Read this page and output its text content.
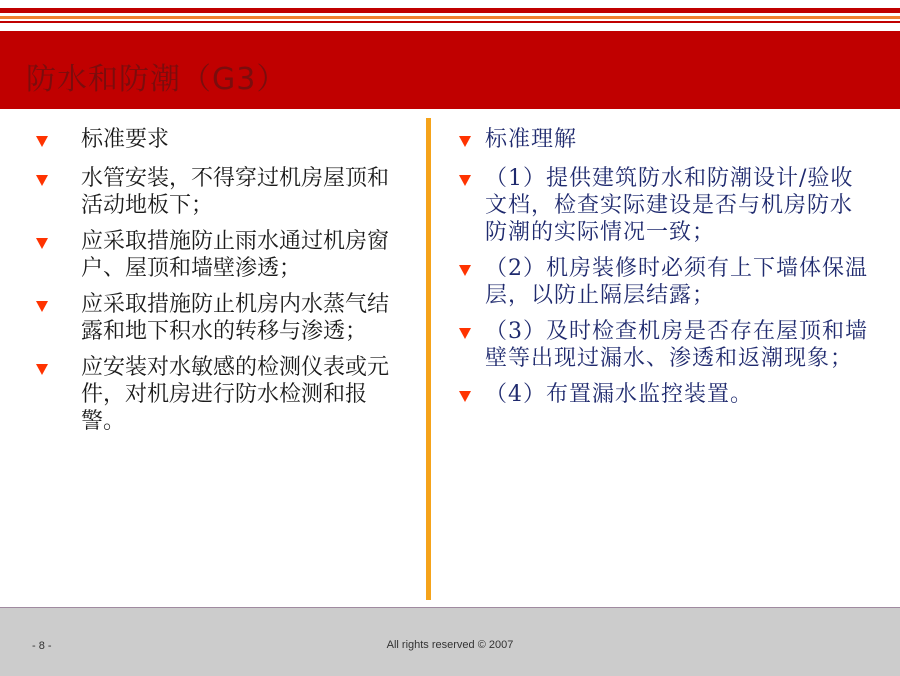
防水和防潮（G3）
标准要求
水管安装，不得穿过机房屋顶和活动地板下；
应采取措施防止雨水通过机房窗户、屋顶和墙壁渗透；
应采取措施防止机房内水蒸气结露和地下积水的转移与渗透；
应安装对水敏感的检测仪表或元件，对机房进行防水检测和报警。
标准理解
（1）提供建筑防水和防潮设计/验收文档，检查实际建设是否与机房防水防潮的实际情况一致；
（2）机房装修时必须有上下墙体保温层，以防止隔层结露；
（3）及时检查机房是否存在屋顶和墙壁等出现过漏水、渗透和返潮现象；
（4）布置漏水监控装置。
- 8 -	All rights reserved © 2007
